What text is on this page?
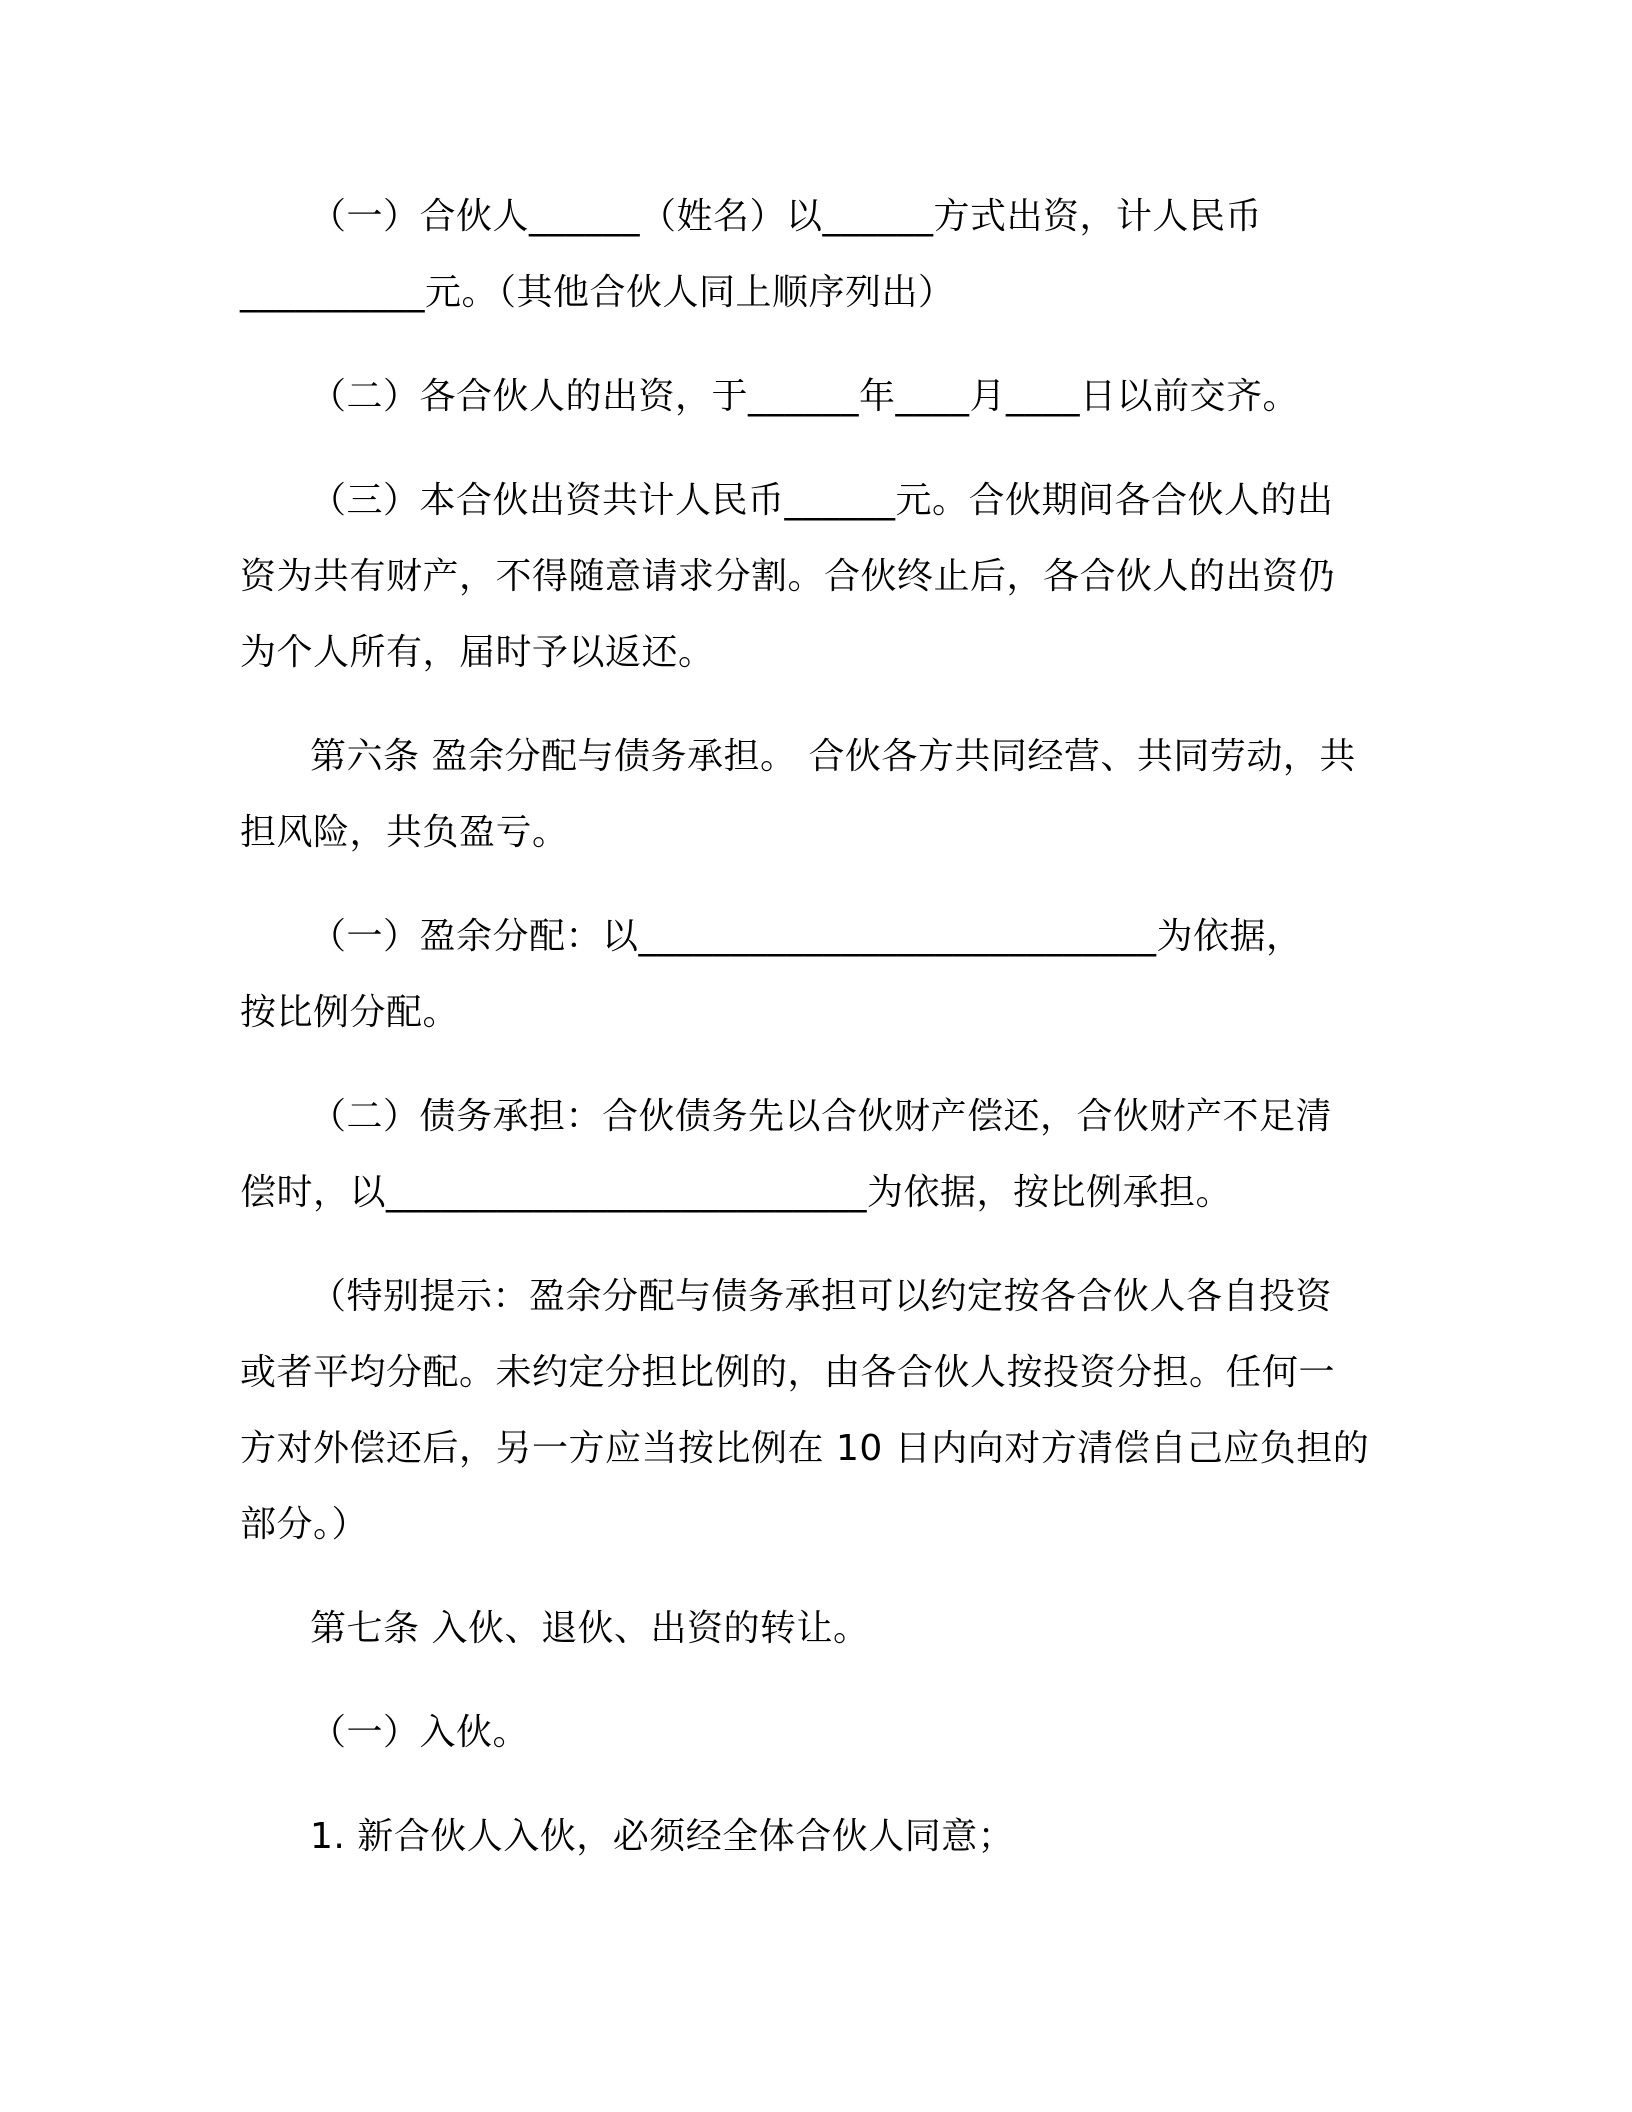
（一）合伙人______（姓名）以______方式出资，计人民币

__________元。（其他合伙人同上顺序列出）

（二）各合伙人的出资，于______年____月____日以前交齐。

（三）本合伙出资共计人民币______元。合伙期间各合伙人的出

资为共有财产，不得随意请求分割。合伙终止后，各合伙人的出资仍

为个人所有，届时予以返还。

第六条 盈余分配与债务承担。 合伙各方共同经营、共同劳动，共

担风险，共负盈亏。

（一）盈余分配：以____________________________为依据，

按比例分配。

（二）债务承担：合伙债务先以合伙财产偿还，合伙财产不足清

偿时，以__________________________为依据，按比例承担。

（特别提示：盈余分配与债务承担可以约定按各合伙人各自投资

或者平均分配。未约定分担比例的，由各合伙人按投资分担。任何一

方对外偿还后，另一方应当按比例在 10 日内向对方清偿自己应负担的

部分。）

第七条 入伙、退伙、出资的转让。

（一）入伙。

1. 新合伙人入伙，必须经全体合伙人同意；
